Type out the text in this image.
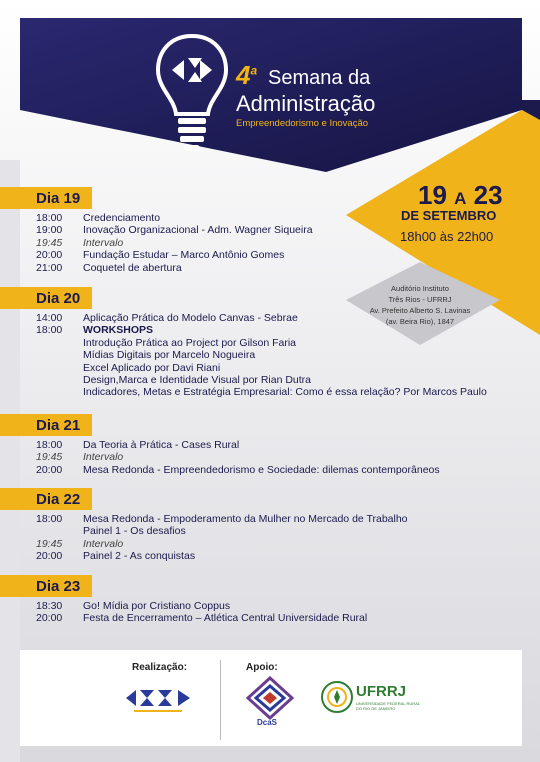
4$^a$ Semana da
Administração
Empreendedorismo e Inovação
19 A 23
DE SETEMBRO
18h00 às 22h00
Auditório Instituto
Três Rios - UFRRJ
Av. Prefeito Alberto S. Lavinas
(av. Beira Rio), 1847
Dia 19
18:00 Credenciamento
19:00 Inovação Organizacional - Adm. Wagner Siqueira
19:45 Intervalo
20:00 Fundação Estudar – Marco Antônio Gomes
21:00 Coquetel de abertura
Dia 20
14:00 Aplicação Prática do Modelo Canvas - Sebrae
18:00 WORKSHOPS
Introdução Prática ao Project por Gilson Faria
Mídias Digitais por Marcelo Nogueira
Excel Aplicado por Davi Riani
Design,Marca e Identidade Visual por Rian Dutra
Indicadores, Metas e Estratégia Empresarial: Como é essa relação? Por Marcos Paulo
Dia 21
18:00 Da Teoria à Prática - Cases Rural
19:45 Intervalo
20:00 Mesa Redonda - Empreendedorismo e Sociedade: dilemas contemporâneos
Dia 22
18:00 Mesa Redonda - Empoderamento da Mulher no Mercado de Trabalho
Painel 1 - Os desafios
19:45 Intervalo
20:00 Painel 2 - As conquistas
Dia 23
18:30 Go! Mídia por Cristiano Coppus
20:00 Festa de Encerramento – Atlética Central Universidade Rural
Realização:	Apoio:
DcaS
UFRRJ
UNIVERSIDADE FEDERAL RURAL DO RIO DE JANEIRO
